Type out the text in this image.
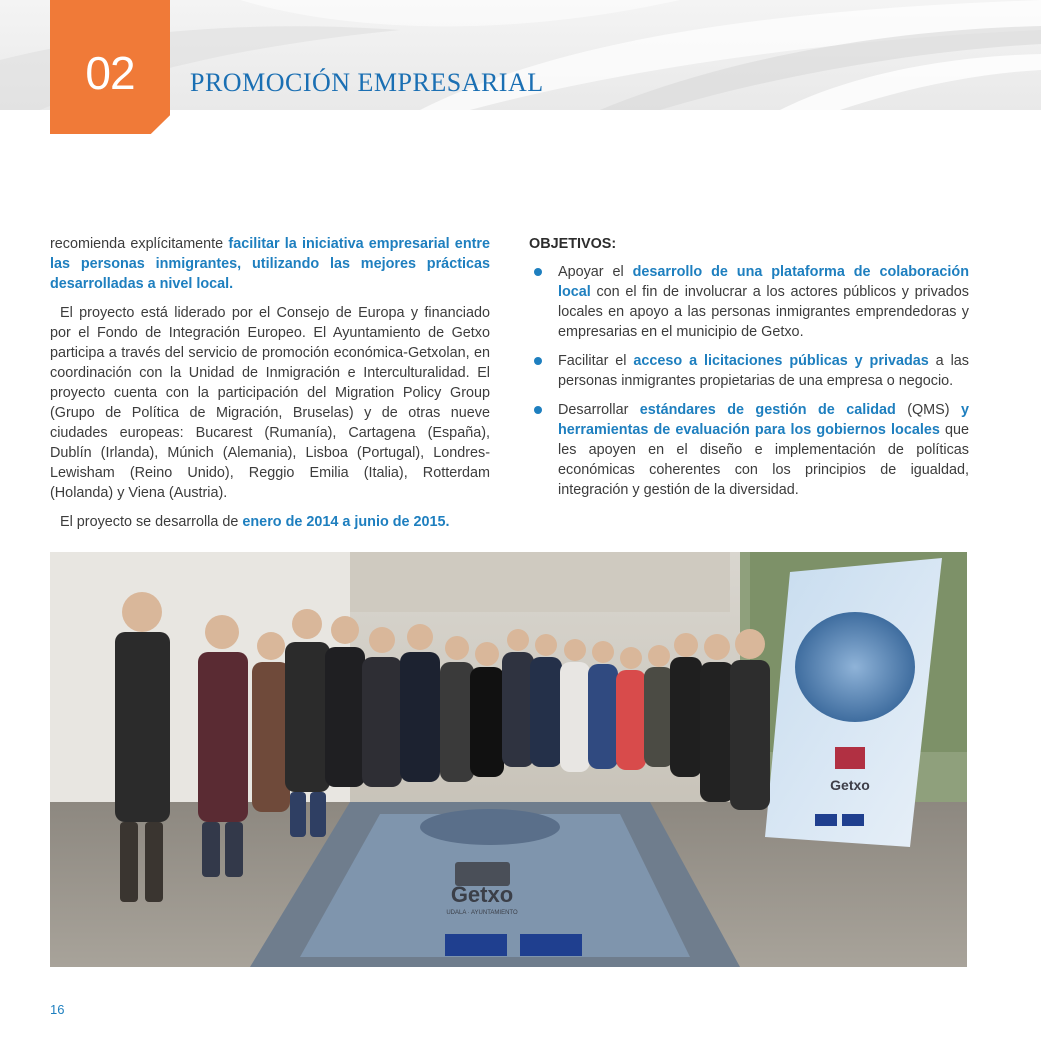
02	PROMOCIÓN EMPRESARIAL

recomienda explícitamente facilitar la iniciativa empresarial entre las personas inmigrantes, utilizando las mejores prácticas desarrolladas a nivel local.

El proyecto está liderado por el Consejo de Europa y financiado por el Fondo de Integración Europeo. El Ayuntamiento de Getxo participa a través del servicio de promoción económica-Getxolan, en coordinación con la Unidad de Inmigración e Interculturalidad. El proyecto cuenta con la participación del Migration Policy Group (Grupo de Política de Migración, Bruselas) y de otras nueve ciudades europeas: Bucarest (Rumanía), Cartagena (España), Dublín (Irlanda), Múnich (Alemania), Lisboa (Portugal), Londres-Lewisham (Reino Unido), Reggio Emilia (Italia), Rotterdam (Holanda) y Viena (Austria).

El proyecto se desarrolla de enero de 2014 a junio de 2015.

OBJETIVOS:
Apoyar el desarrollo de una plataforma de colaboración local con el fin de involucrar a los actores públicos y privados locales en apoyo a las personas inmigrantes emprendedoras y empresarias en el municipio de Getxo.
Facilitar el acceso a licitaciones públicas y privadas a las personas inmigrantes propietarias de una empresa o negocio.
Desarrollar estándares de gestión de calidad (QMS) y herramientas de evaluación para los gobiernos locales que les apoyen en el diseño e implementación de políticas económicas coherentes con los principios de igualdad, integración y gestión de la diversidad.
Getxo
UDALA · AYUNTAMIENTO
Getxo
16
